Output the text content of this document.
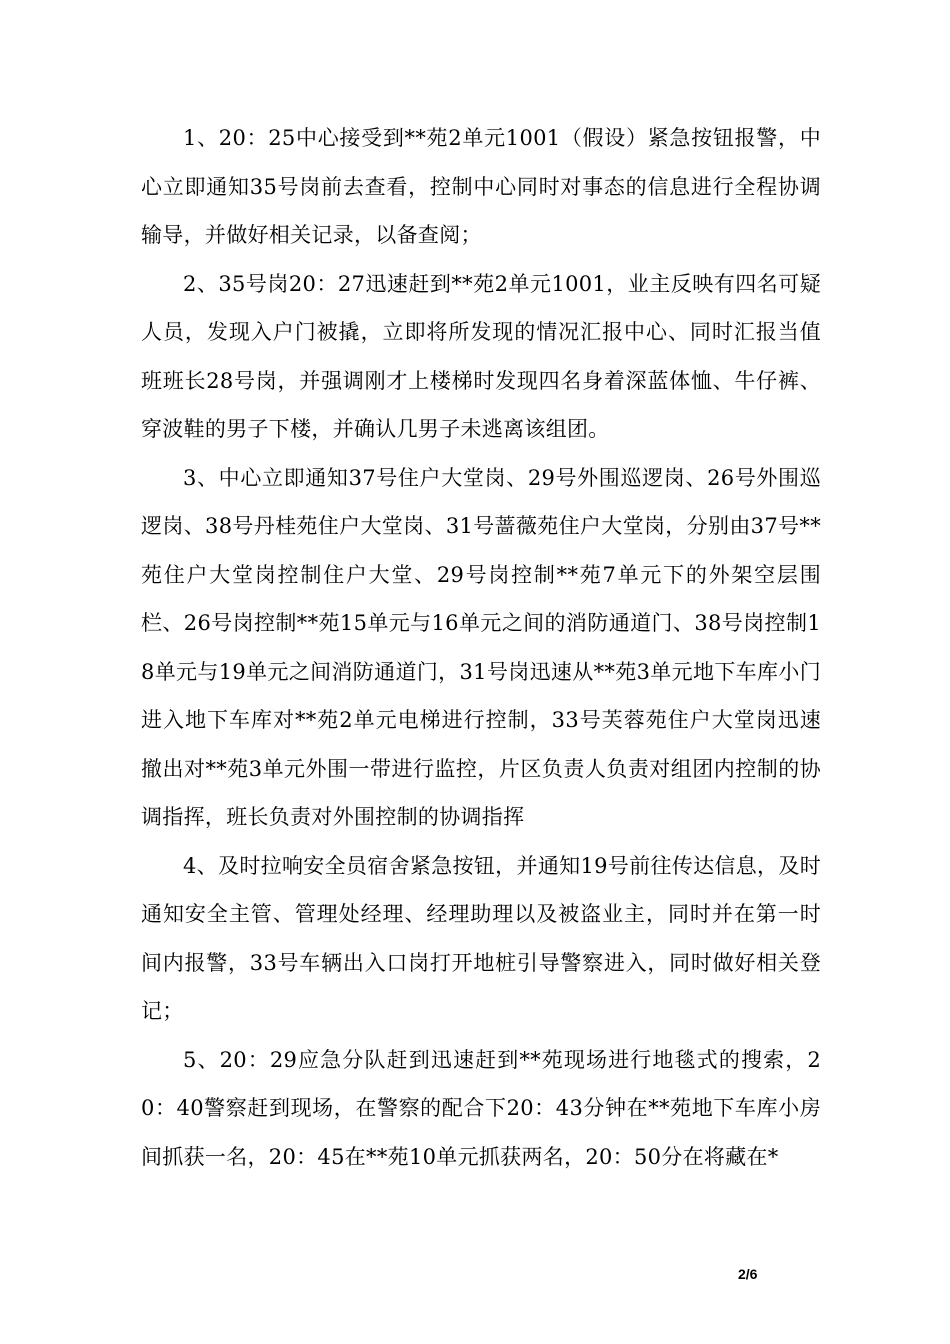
1、20：25中心接受到**苑2单元1001（假设）紧急按钮报警，中心立即通知35号岗前去查看，控制中心同时对事态的信息进行全程协调输导，并做好相关记录，以备查阅；

2、35号岗20：27迅速赶到**苑2单元1001，业主反映有四名可疑人员，发现入户门被撬，立即将所发现的情况汇报中心、同时汇报当值班班长28号岗，并强调刚才上楼梯时发现四名身着深蓝体恤、牛仔裤、穿波鞋的男子下楼，并确认几男子未逃离该组团。

3、中心立即通知37号住户大堂岗、29号外围巡逻岗、26号外围巡逻岗、38号丹桂苑住户大堂岗、31号蔷薇苑住户大堂岗，分别由37号**苑住户大堂岗控制住户大堂、29号岗控制**苑7单元下的外架空层围栏、26号岗控制**苑15单元与16单元之间的消防通道门、38号岗控制18单元与19单元之间消防通道门，31号岗迅速从**苑3单元地下车库小门进入地下车库对**苑2单元电梯进行控制，33号芙蓉苑住户大堂岗迅速撤出对**苑3单元外围一带进行监控，片区负责人负责对组团内控制的协调指挥，班长负责对外围控制的协调指挥

4、及时拉响安全员宿舍紧急按钮，并通知19号前往传达信息，及时通知安全主管、管理处经理、经理助理以及被盗业主，同时并在第一时间内报警，33号车辆出入口岗打开地桩引导警察进入，同时做好相关登记；

5、20：29应急分队赶到迅速赶到**苑现场进行地毯式的搜索，20：40警察赶到现场，在警察的配合下20：43分钟在**苑地下车库小房间抓获一名，20：45在**苑10单元抓获两名，20：50分在将藏在*

2/6
